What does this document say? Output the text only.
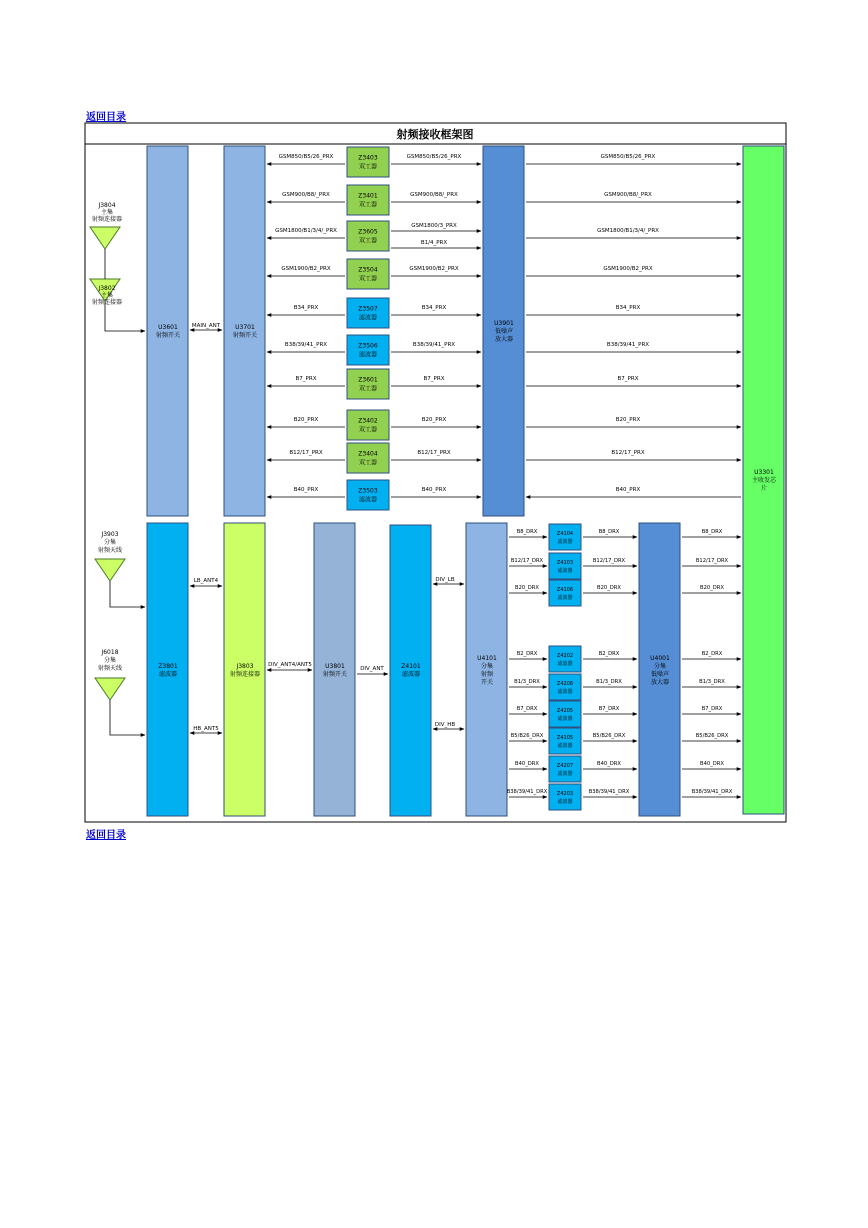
返回目录
射频接收框架图
J3804
主集
射频连接器
J3802
主集
射频连接器
U3601
射频开关
U3701
射频开关
MAIN_ANT	U3901
低噪声
放大器
U3301
主收发芯
片
Z3403
双工器
GSM850/B5/26_PRX	GSM850/B5/26_PRX	GSM850/B5/26_PRX
Z3401
双工器
GSM900/B8/_PRX	GSM900/B8/_PRX	GSM900/B8/_PRX
Z3605
双工器
GSM1800/B1/3/4/_PRX
GSM1800/3_PRX
B1/4_PRX
GSM1800/B1/3/4/_PRX
Z3504
双工器
GSM1900/B2_PRX	GSM1900/B2_PRX	GSM1900/B2_PRX
Z3507
滤波器
B34_PRX	B34_PRX	B34_PRX
Z3506
滤波器
B38/39/41_PRX	B38/39/41_PRX	B38/39/41_PRX
Z3601
双工器
B7_PRX	B7_PRX	B7_PRX
Z3402
双工器
B20_PRX	B20_PRX	B20_PRX
Z3404
双工器
B12/17_PRX	B12/17_PRX	B12/17_PRX
Z3503
滤波器
B40_PRX	B40_PRX	B40_PRX
J3903
分集
射频天线
J6018
分集
射频天线	Z3801
滤波器
J3803
射频连接器
LB_ANT4
HB_ANT5
U3801
射频开关
DIV_ANT4/ANT5	Z4101
滤波器
DIV_ANT
U4101
分集
射频
开关
DIV_LB
DIV_HB
U4001
分集
低噪声
放大器
Z4104
滤波器
B8_DRX	B8_DRX	B8_DRX
Z4103
滤波器
B12/17_DRX	B12/17_DRX	B12/17_DRX
Z4106
滤波器
B20_DRX	B20_DRX	B20_DRX
Z4202
滤波器
B2_DRX	B2_DRX	B2_DRX
Z4206
滤波器
B1/3_DRX	B1/3_DRX	B1/3_DRX
Z4205
滤波器
B7_DRX	B7_DRX	B7_DRX
Z4105
滤波器
B5/B26_DRX	B5/B26_DRX	B5/B26_DRX
Z4207
滤波器
B40_DRX	B40_DRX	B40_DRX
Z4203
滤波器
B38/39/41_DRX	B38/39/41_DRX	B38/39/41_DRX
返回目录
